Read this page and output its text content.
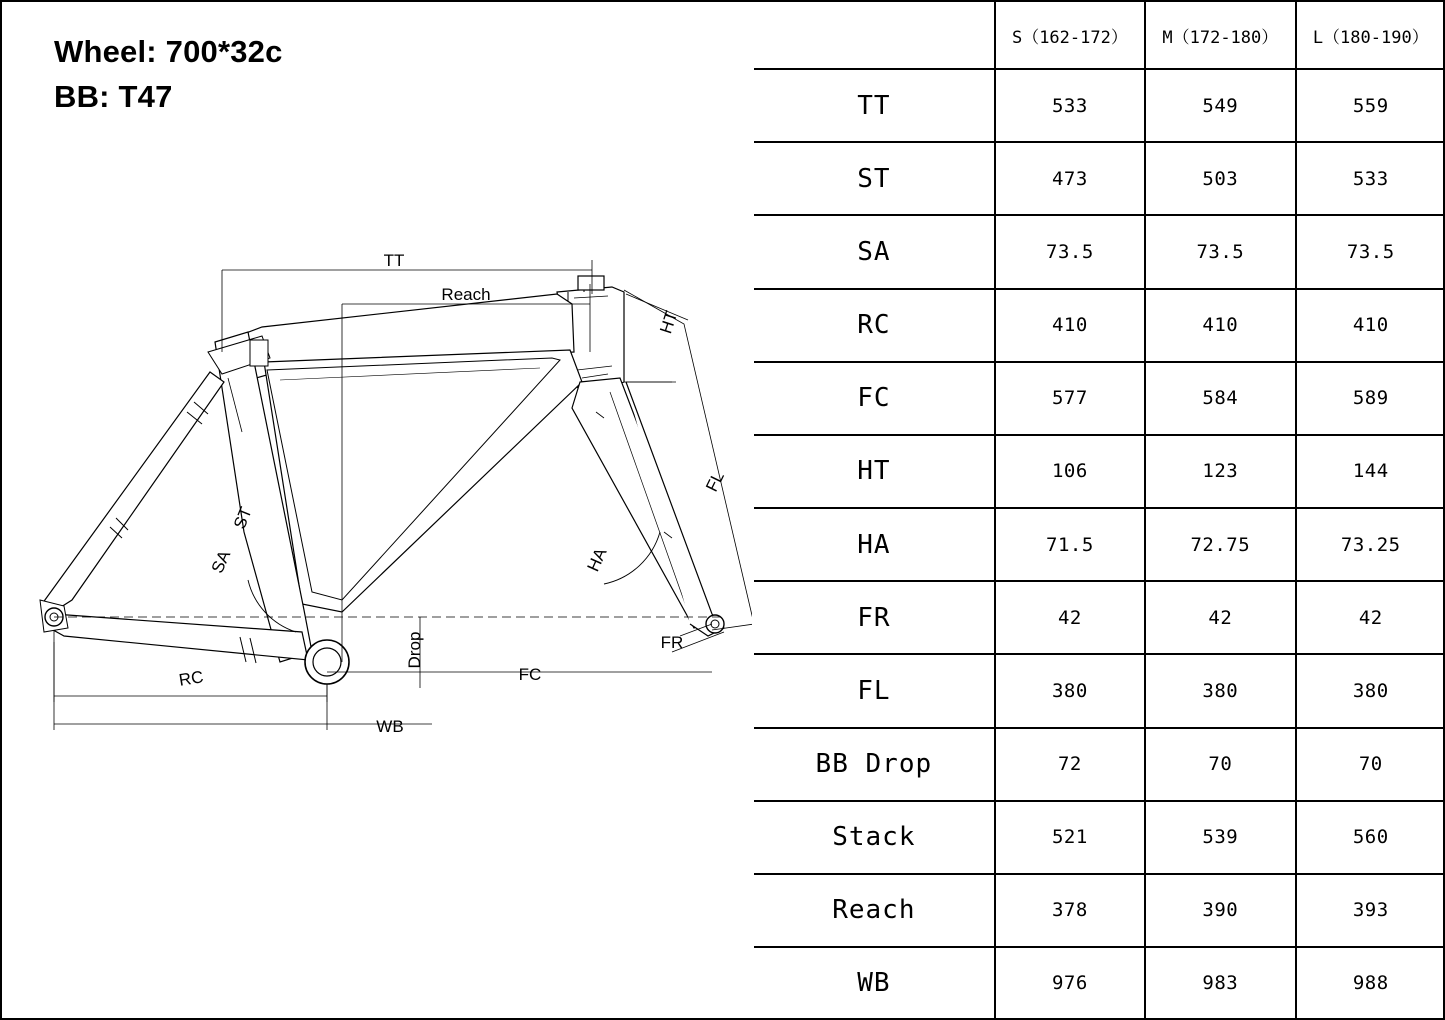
Wheel: 700*32c
BB: T47
TT
Reach
HT
FL
HA
ST
SA
Drop	FR
FC
RC
WB
	S（162-172）	M（172-180）	L（180-190）
TT	533	549	559
ST	473	503	533
SA	73.5	73.5	73.5
RC	410	410	410
FC	577	584	589
HT	106	123	144
HA	71.5	72.75	73.25
FR	42	42	42
FL	380	380	380
BB Drop	72	70	70
Stack	521	539	560
Reach	378	390	393
WB	976	983	988
